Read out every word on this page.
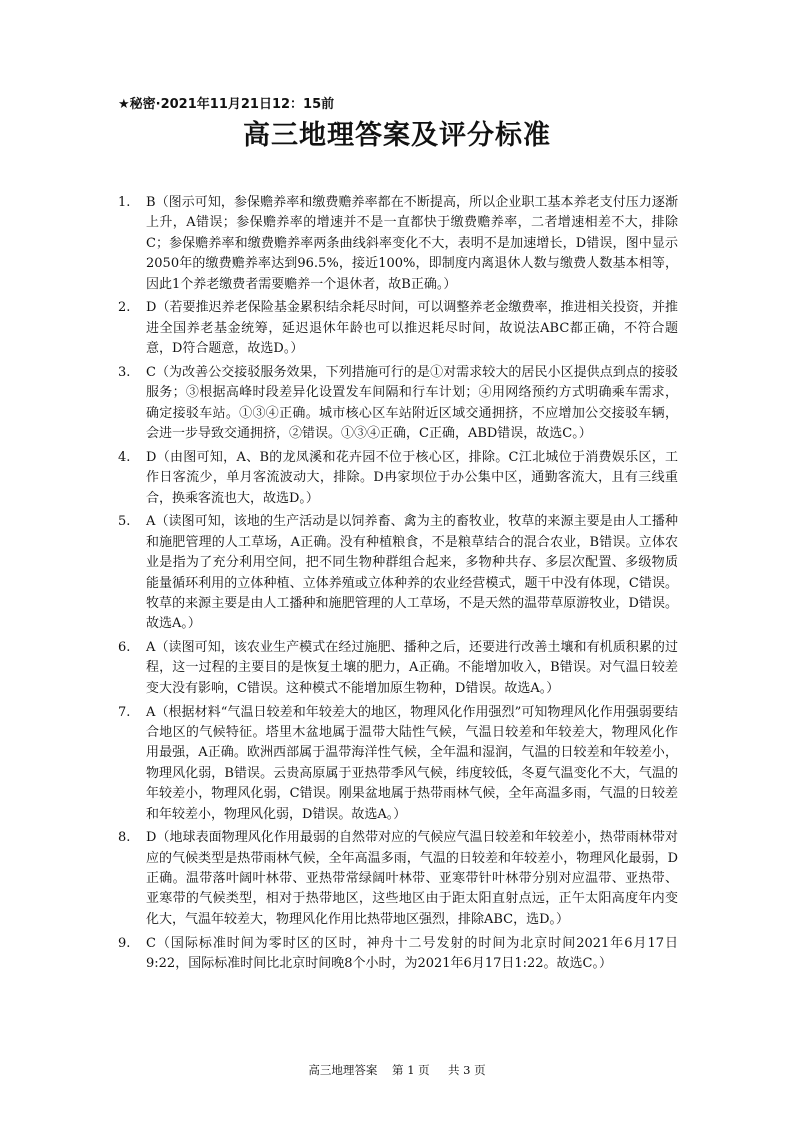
★秘密·2021年11月21日12：15前
高三地理答案及评分标准
1. B（图示可知，参保赡养率和缴费赡养率都在不断提高，所以企业职工基本养老支付压力逐渐上升，A错误；参保赡养率的增速并不是一直都快于缴费赡养率，二者增速相差不大，排除C；参保赡养率和缴费赡养率两条曲线斜率变化不大，表明不是加速增长，D错误，图中显示2050年的缴费赡养率达到96.5%，接近100%，即制度内离退休人数与缴费人数基本相等，因此1个养老缴费者需要赡养一个退休者，故B正确。）
2. D（若要推迟养老保险基金累积结余耗尽时间，可以调整养老金缴费率，推进相关投资，并推进全国养老基金统筹，延迟退休年龄也可以推迟耗尽时间，故说法ABC都正确，不符合题意，D符合题意，故选D。）
3. C（为改善公交接驳服务效果，下列措施可行的是①对需求较大的居民小区提供点到点的接驳服务；③根据高峰时段差异化设置发车间隔和行车计划；④用网络预约方式明确乘车需求，确定接驳车站。①③④正确。城市核心区车站附近区域交通拥挤，不应增加公交接驳车辆，会进一步导致交通拥挤，②错误。①③④正确，C正确，ABD错误，故选C。）
4. D（由图可知，A、B的龙凤溪和花卉园不位于核心区，排除。C江北城位于消费娱乐区，工作日客流少，单月客流波动大，排除。D冉家坝位于办公集中区，通勤客流大，且有三线重合，换乘客流也大，故选D。）
5. A（读图可知，该地的生产活动是以饲养畜、禽为主的畜牧业，牧草的来源主要是由人工播种和施肥管理的人工草场，A正确。没有种植粮食，不是粮草结合的混合农业，B错误。立体农业是指为了充分利用空间，把不同生物种群组合起来，多物种共存、多层次配置、多级物质能量循环利用的立体种植、立体养殖或立体种养的农业经营模式，题干中没有体现，C错误。牧草的来源主要是由人工播种和施肥管理的人工草场，不是天然的温带草原游牧业，D错误。故选A。）
6. A（读图可知，该农业生产模式在经过施肥、播种之后，还要进行改善土壤和有机质积累的过程，这一过程的主要目的是恢复土壤的肥力，A正确。不能增加收入，B错误。对气温日较差变大没有影响，C错误。这种模式不能增加原生物种，D错误。故选A。）
7. A（根据材料“气温日较差和年较差大的地区，物理风化作用强烈”可知物理风化作用强弱要结合地区的气候特征。塔里木盆地属于温带大陆性气候，气温日较差和年较差大，物理风化作用最强，A正确。欧洲西部属于温带海洋性气候，全年温和湿润，气温的日较差和年较差小，物理风化弱，B错误。云贵高原属于亚热带季风气候，纬度较低，冬夏气温变化不大，气温的年较差小，物理风化弱，C错误。刚果盆地属于热带雨林气候，全年高温多雨，气温的日较差和年较差小，物理风化弱，D错误。故选A。）
8. D（地球表面物理风化作用最弱的自然带对应的气候应气温日较差和年较差小，热带雨林带对应的气候类型是热带雨林气候，全年高温多雨，气温的日较差和年较差小，物理风化最弱，D正确。温带落叶阔叶林带、亚热带常绿阔叶林带、亚寒带针叶林带分别对应温带、亚热带、亚寒带的气候类型，相对于热带地区，这些地区由于距太阳直射点远，正午太阳高度年内变化大，气温年较差大，物理风化作用比热带地区强烈，排除ABC，选D。）
9. C（国际标准时间为零时区的区时，神舟十二号发射的时间为北京时间2021年6月17日9:22，国际标准时间比北京时间晚8个小时，为2021年6月17日1:22。故选C。）
高三地理答案    第 1 页     共 3 页
